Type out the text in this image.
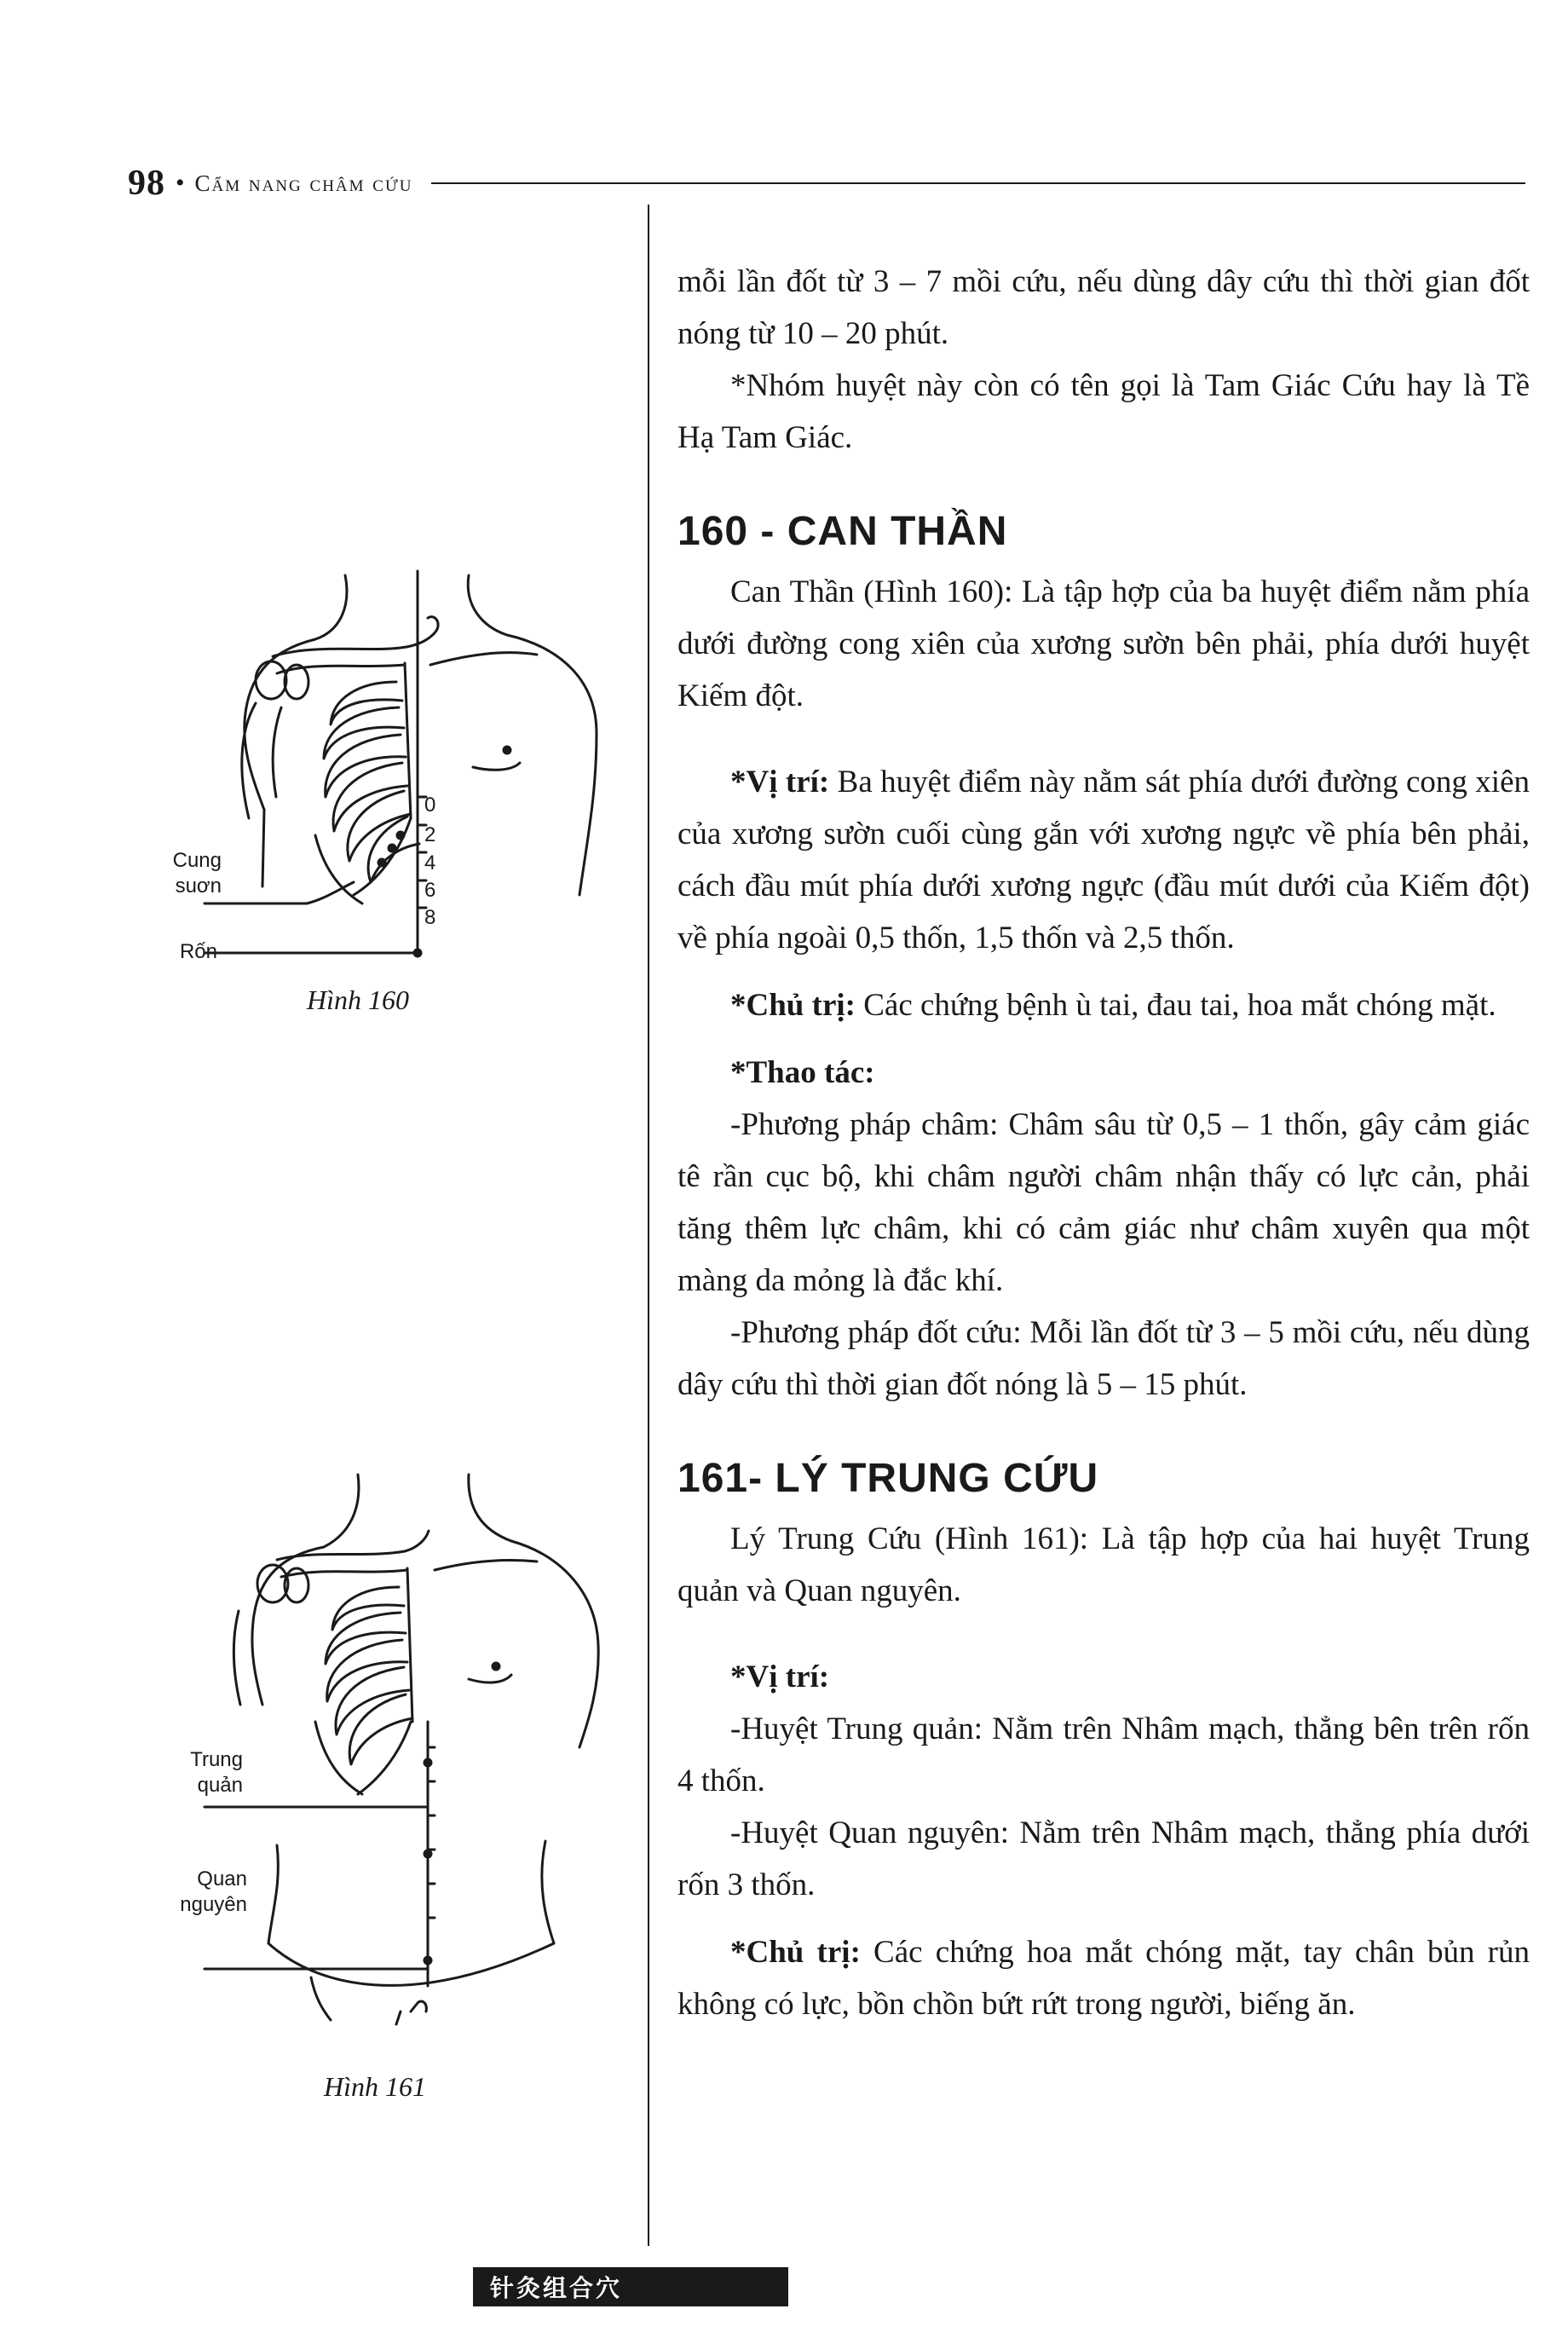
98 • Cẩm nang châm cứu
0
2
4
6
8
Cung
suơn
Rốn
Hình 160
Trung
quản
Quan
nguyên
Hình 161

mỗi lần đốt từ 3 – 7 mồi cứu, nếu dùng dây cứu thì thời gian đốt nóng từ 10 – 20 phút.

*Nhóm huyệt này còn có tên gọi là Tam Giác Cứu hay là Tề Hạ Tam Giác.

160 - CAN THẦN

Can Thần (Hình 160): Là tập hợp của ba huyệt điểm nằm phía dưới đường cong xiên của xương sườn bên phải, phía dưới huyệt Kiếm đột.

*Vị trí: Ba huyệt điểm này nằm sát phía dưới đường cong xiên của xương sườn cuối cùng gắn với xương ngực về phía bên phải, cách đầu mút phía dưới xương ngực (đầu mút dưới của Kiếm đột) về phía ngoài 0,5 thốn, 1,5 thốn và 2,5 thốn.

*Chủ trị: Các chứng bệnh ù tai, đau tai, hoa mắt chóng mặt.

*Thao tác:

-Phương pháp châm: Châm sâu từ 0,5 – 1 thốn, gây cảm giác tê rần cục bộ, khi châm người châm nhận thấy có lực cản, phải tăng thêm lực châm, khi có cảm giác như châm xuyên qua một màng da mỏng là đắc khí.

-Phương pháp đốt cứu: Mỗi lần đốt từ 3 – 5 mồi cứu, nếu dùng dây cứu thì thời gian đốt nóng là 5 – 15 phút.

161- LÝ TRUNG CỨU

Lý Trung Cứu (Hình 161): Là tập hợp của hai huyệt Trung quản và Quan nguyên.

*Vị trí:

-Huyệt Trung quản: Nằm trên Nhâm mạch, thẳng bên trên rốn 4 thốn.

-Huyệt Quan nguyên: Nằm trên Nhâm mạch, thẳng phía dưới rốn 3 thốn.

*Chủ trị: Các chứng hoa mắt chóng mặt, tay chân bủn rủn không có lực, bồn chồn bứt rứt trong người, biếng ăn.

针灸组合穴
